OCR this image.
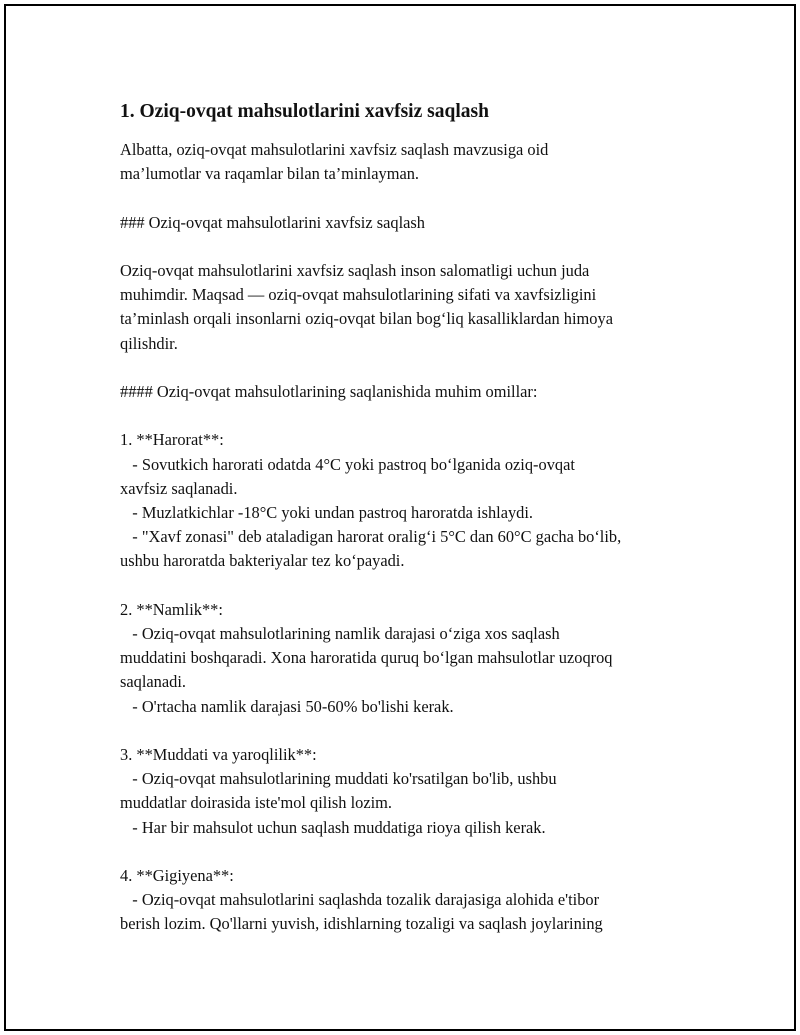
1. Oziq-ovqat mahsulotlarini xavfsiz saqlash
Albatta, oziq-ovqat mahsulotlarini xavfsiz saqlash mavzusiga oid
ma’lumotlar va raqamlar bilan ta’minlayman.
### Oziq-ovqat mahsulotlarini xavfsiz saqlash
Oziq-ovqat mahsulotlarini xavfsiz saqlash inson salomatligi uchun juda
muhimdir. Maqsad — oziq-ovqat mahsulotlarining sifati va xavfsizligini
ta’minlash orqali insonlarni oziq-ovqat bilan bog‘liq kasalliklardan himoya
qilishdir.
#### Oziq-ovqat mahsulotlarining saqlanishida muhim omillar:
1. **Harorat**:
- Sovutkich harorati odatda 4°C yoki pastroq bo‘lganida oziq-ovqat
xavfsiz saqlanadi.
- Muzlatkichlar -18°C yoki undan pastroq haroratda ishlaydi.
- "Xavf zonasi" deb ataladigan harorat oralig‘i 5°C dan 60°C gacha bo‘lib,
ushbu haroratda bakteriyalar tez ko‘payadi.
2. **Namlik**:
- Oziq-ovqat mahsulotlarining namlik darajasi o‘ziga xos saqlash
muddatini boshqaradi. Xona haroratida quruq bo‘lgan mahsulotlar uzoqroq
saqlanadi.
- O'rtacha namlik darajasi 50-60% bo'lishi kerak.
3. **Muddati va yaroqlilik**:
- Oziq-ovqat mahsulotlarining muddati ko'rsatilgan bo'lib, ushbu
muddatlar doirasida iste'mol qilish lozim.
- Har bir mahsulot uchun saqlash muddatiga rioya qilish kerak.
4. **Gigiyena**:
- Oziq-ovqat mahsulotlarini saqlashda tozalik darajasiga alohida e'tibor
berish lozim. Qo'llarni yuvish, idishlarning tozaligi va saqlash joylarining
